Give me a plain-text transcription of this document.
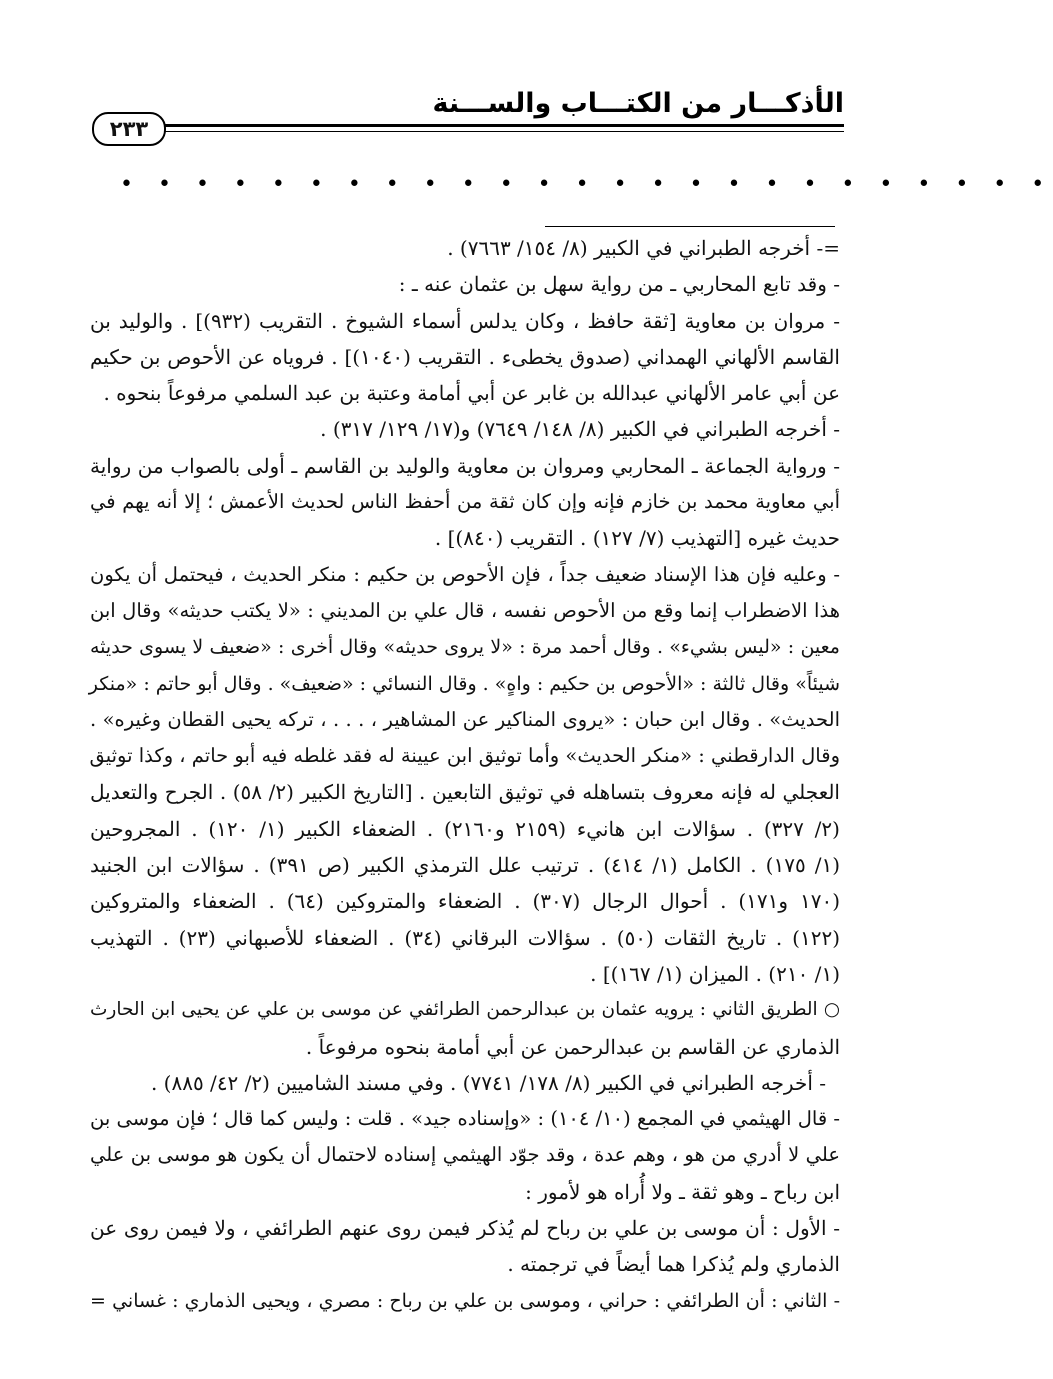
الأذكـــار من الكتـــاب والســـنة
٢٣٣
• • • • • • • • • • • • • • • • • • • • • • • • •
=- أخرجه الطبراني في الكبير (٨/ ١٥٤/ ٧٦٦٣) .
- وقد تابع المحاربي ـ من رواية سهل بن عثمان عنه ـ :
- مروان بن معاوية [ثقة حافظ ، وكان يدلس أسماء الشيوخ . التقريب (٩٣٢)] . والوليد بن
القاسم الألهاني الهمداني (صدوق يخطىء . التقريب (١٠٤٠)] . فروياه عن الأحوص بن حكيم
عن أبي عامر الألهاني عبدالله بن غابر عن أبي أمامة وعتبة بن عبد السلمي مرفوعاً بنحوه .
- أخرجه الطبراني في الكبير (٨/ ١٤٨/ ٧٦٤٩) و(١٧/ ١٢٩/ ٣١٧) .
- ورواية الجماعة ـ المحاربي ومروان بن معاوية والوليد بن القاسم ـ أولى بالصواب من رواية
أبي معاوية محمد بن خازم فإنه وإن كان ثقة من أحفظ الناس لحديث الأعمش ؛ إلا أنه يهم في
حديث غيره [التهذيب (٧/ ١٢٧) . التقريب (٨٤٠)] .
- وعليه فإن هذا الإسناد ضعيف جداً ، فإن الأحوص بن حكيم : منكر الحديث ، فيحتمل أن يكون
هذا الاضطراب إنما وقع من الأحوص نفسه ، قال علي بن المديني : «لا يكتب حديثه» وقال ابن
معين : «ليس بشيء» . وقال أحمد مرة : «لا يروى حديثه» وقال أخرى : «ضعيف لا يسوى حديثه
شيئاً» وقال ثالثة : «الأحوص بن حكيم : واهٍ» . وقال النسائي : «ضعيف» . وقال أبو حاتم : «منكر
الحديث» . وقال ابن حبان : «يروى المناكير عن المشاهير ، . . . ، تركه يحيى القطان وغيره» .
وقال الدارقطني : «منكر الحديث» وأما توثيق ابن عيينة له فقد غلطه فيه أبو حاتم ، وكذا توثيق
العجلي له فإنه معروف بتساهله في توثيق التابعين . [التاريخ الكبير (٢/ ٥٨) . الجرح والتعديل
(٢/ ٣٢٧) . سؤالات ابن هانيء (٢١٥٩ و٢١٦٠) . الضعفاء الكبير (١/ ١٢٠) . المجروحين
(١/ ١٧٥) . الكامل (١/ ٤١٤) . ترتيب علل الترمذي الكبير (ص ٣٩١) . سؤالات ابن الجنيد
(١٧٠ و١٧١) . أحوال الرجال (٣٠٧) . الضعفاء والمتروكين (٦٤) . الضعفاء والمتروكين
(١٢٢) . تاريخ الثقات (٥٠) . سؤالات البرقاني (٣٤) . الضعفاء للأصبهاني (٢٣) . التهذيب
(١/ ٢١٠) . الميزان (١/ ١٦٧)] .
○ الطريق الثاني : يرويه عثمان بن عبدالرحمن الطرائفي عن موسى بن علي عن يحيى ابن الحارث
الذماري عن القاسم بن عبدالرحمن عن أبي أمامة بنحوه مرفوعاً .
- أخرجه الطبراني في الكبير (٨/ ١٧٨/ ٧٧٤١) . وفي مسند الشاميين (٢/ ٤٢/ ٨٨٥) .
- قال الهيثمي في المجمع (١٠/ ١٠٤) : «وإسناده جيد» . قلت : وليس كما قال ؛ فإن موسى بن
علي لا أدري من هو ، وهم عدة ، وقد جوّد الهيثمي إسناده لاحتمال أن يكون هو موسى بن علي
ابن رباح ـ وهو ثقة ـ ولا أُراه هو لأمور :
- الأول : أن موسى بن علي بن رباح لم يُذكر فيمن روى عنهم الطرائفي ، ولا فيمن روى عن
الذماري ولم يُذكرا هما أيضاً في ترجمته .
- الثاني : أن الطرائفي : حراني ، وموسى بن علي بن رباح : مصري ، ويحيى الذماري : غساني =
